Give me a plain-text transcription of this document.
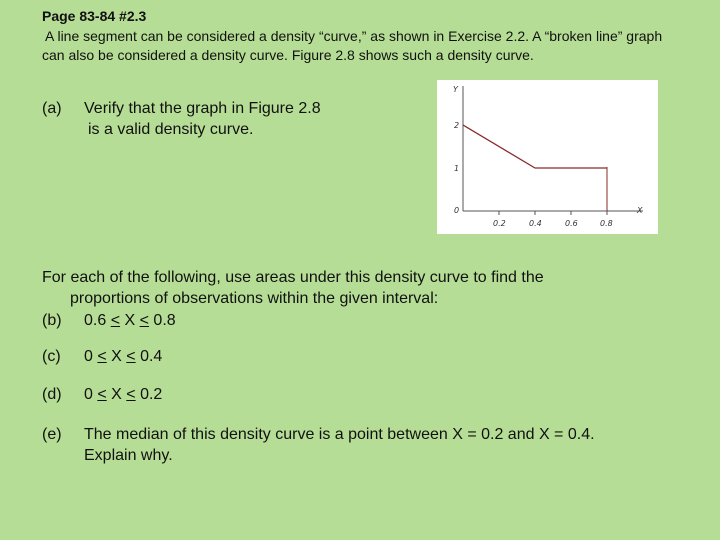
Page 83-84 #2.3
A line segment can be considered a density “curve,” as shown in Exercise 2.2. A “broken line” graph can also be considered a density curve. Figure 2.8 shows such a density curve.
(a) Verify that the graph in Figure 2.8
is a valid density curve.
Y
X
2
1
0
0.2	0.4	0.6	0.8
For each of the following, use areas under this density curve to find the
proportions of observations within the given interval:
(b) 0.6 < X < 0.8
(c) 0 < X < 0.4
(d) 0 < X < 0.2
(e) The median of this density curve is a point between X = 0.2 and X = 0.4.
Explain why.
